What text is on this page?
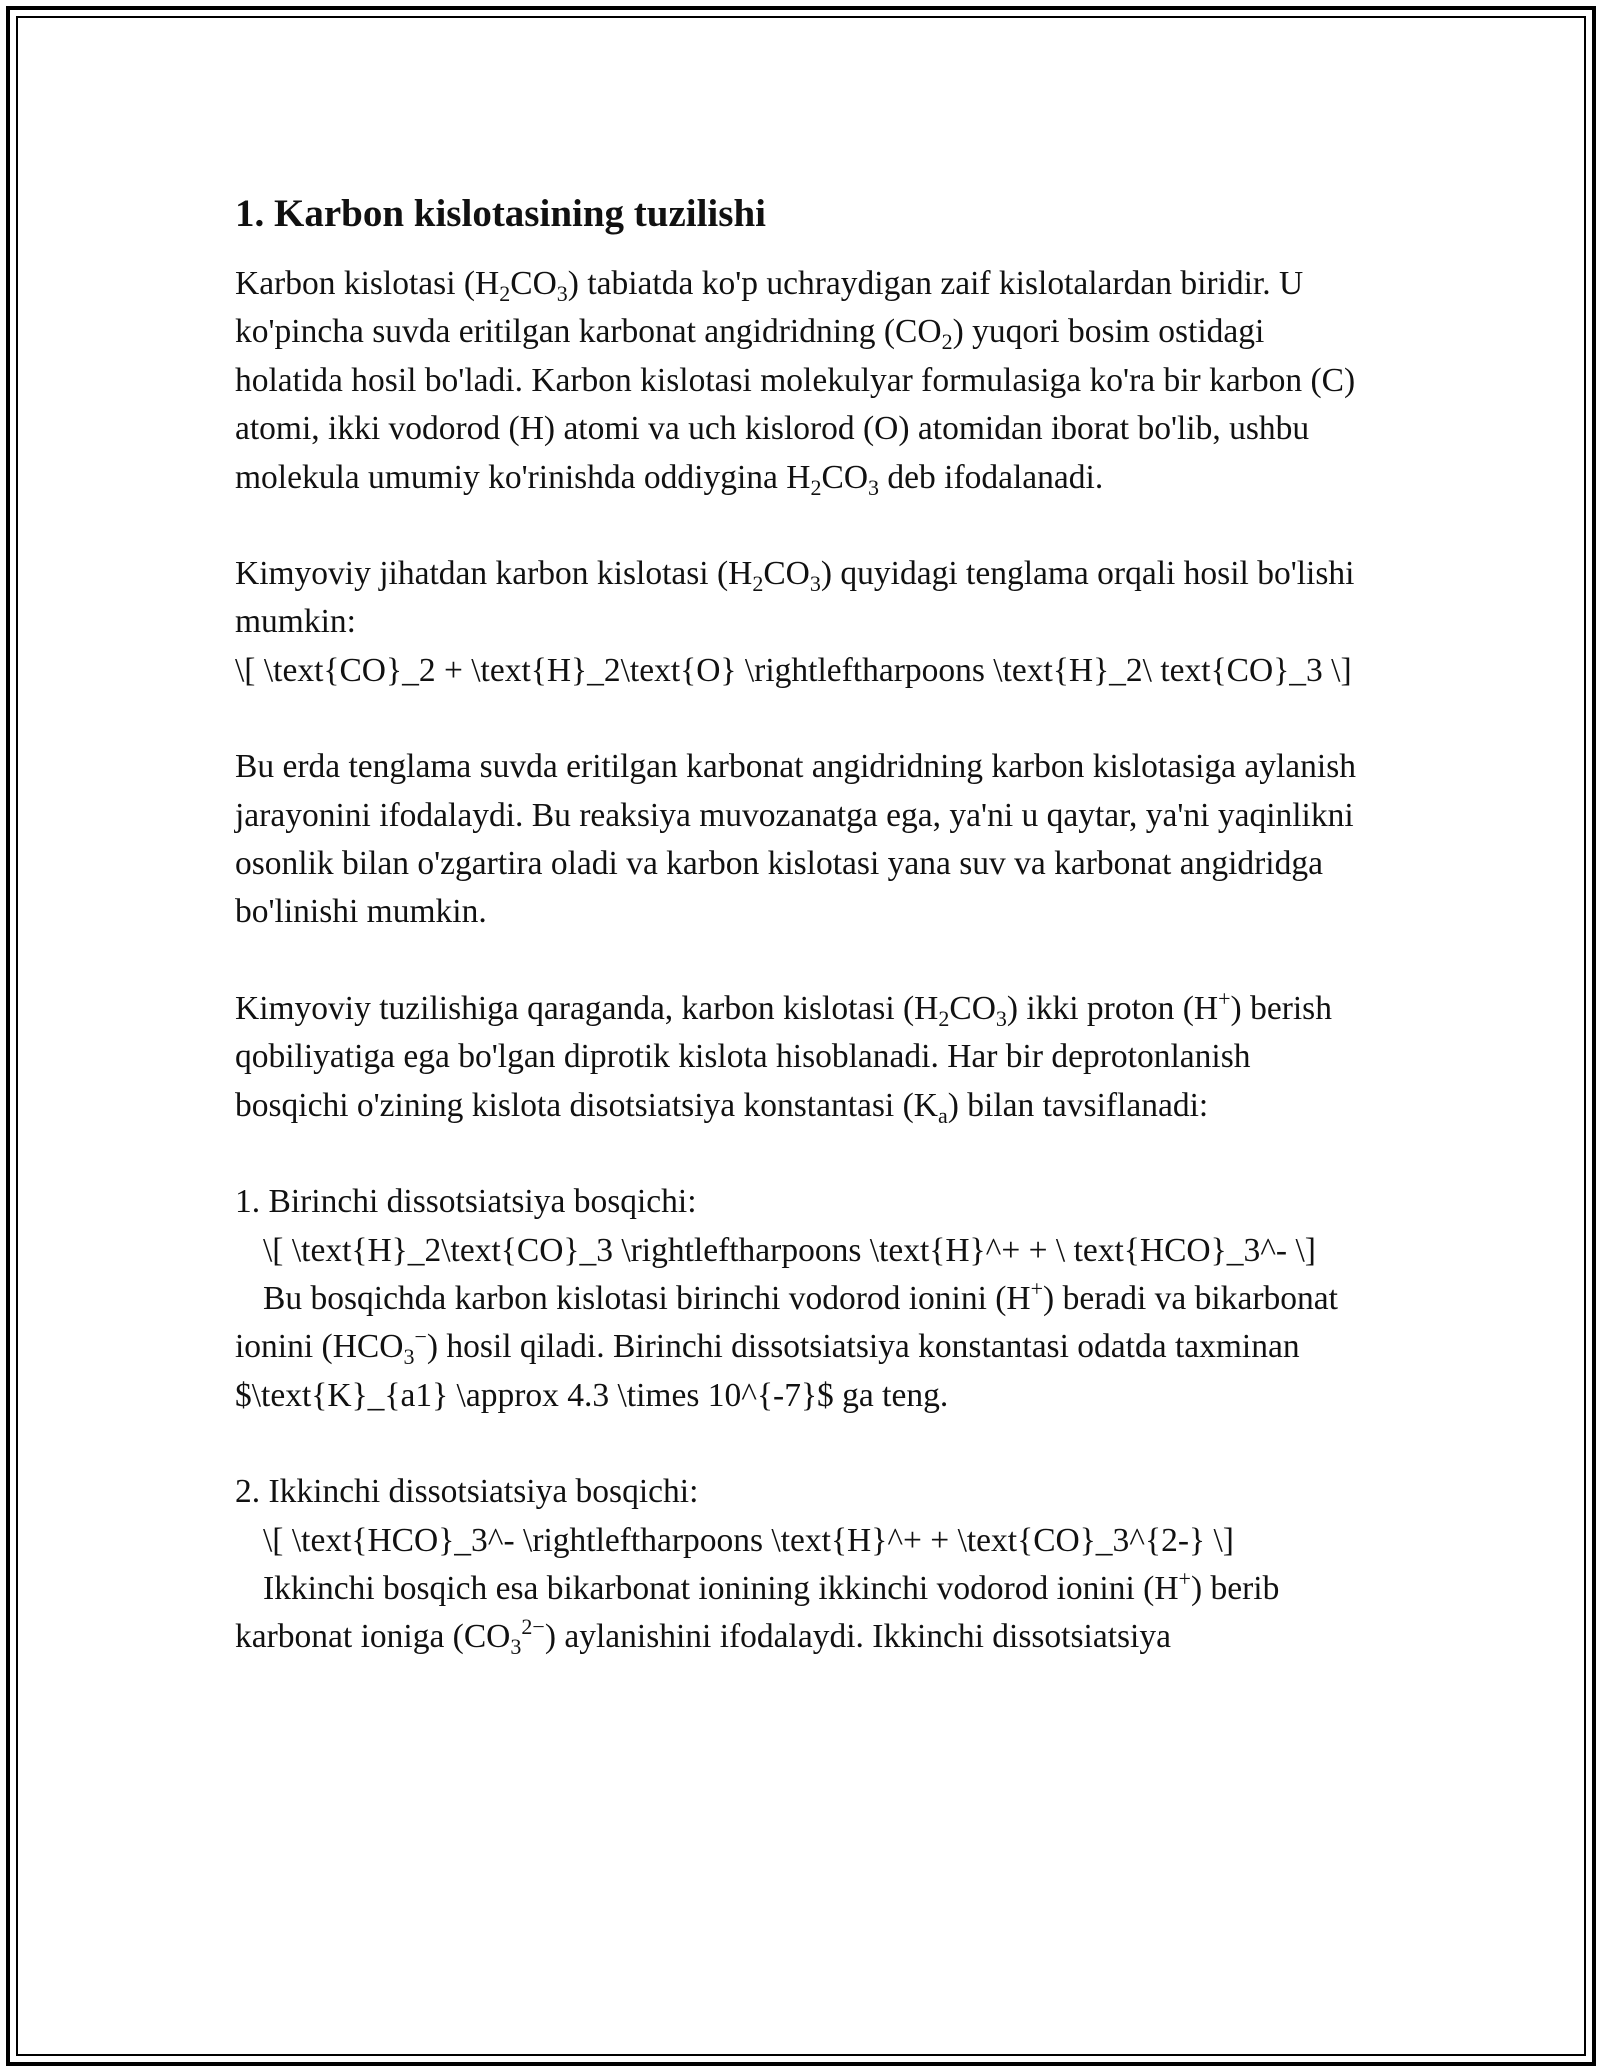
1. Karbon kislotasining tuzilishi

Karbon kislotasi $(H_2CO_3)$ tabiatda ko'p uchraydigan zaif kislotalardan biridir. U ko'pincha suvda eritilgan karbonat angidridning $(CO_2)$ yuqori bosim ostidagi holatida hosil bo'ladi. Karbon kislotasi molekulyar formulasiga ko'ra bir karbon (C) atomi, ikki vodorod (H) atomi va uch kislorod (O) atomidan iborat bo'lib, ushbu molekula umumiy ko'rinishda oddiygina $H_2CO_3$ deb ifodalanadi.

Kimyoviy jihatdan karbon kislotasi $(H_2CO_3)$ quyidagi tenglama orqali hosil bo'lishi mumkin:

\[ \text{CO}_2 + \text{H}_2\text{O} \rightleftharpoons \text{H}_2\ text{CO}_3 \]

Bu erda tenglama suvda eritilgan karbonat angidridning karbon kislotasiga aylanish jarayonini ifodalaydi. Bu reaksiya muvozanatga ega, ya'ni u qaytar, ya'ni yaqinlikni osonlik bilan o'zgartira oladi va karbon kislotasi yana suv va karbonat angidridga bo'linishi mumkin.

Kimyoviy tuzilishiga qaraganda, karbon kislotasi $(H_2CO_3)$ ikki proton (H+) berish qobiliyatiga ega bo'lgan diprotik kislota hisoblanadi. Har bir deprotonlanish bosqichi o'zining kislota disotsiatsiya konstantasi $(K_a)$ bilan tavsiflanadi:

1. Birinchi dissotsiatsiya bosqichi:

\[ \text{H}_2\text{CO}_3 \rightleftharpoons \text{H}^+ + \ text{HCO}_3^- \]

Bu bosqichda karbon kislotasi birinchi vodorod ionini (H+) beradi va bikarbonat ionini $(HCO_3^-)$ hosil qiladi. Birinchi dissotsiatsiya konstantasi odatda taxminan $\text{K}_{a1} \approx 4.3 \times 10^{-7}$ ga teng.

2. Ikkinchi dissotsiatsiya bosqichi:

\[ \text{HCO}_3^- \rightleftharpoons \text{H}^+ + \text{CO}_3^{2-} \]

Ikkinchi bosqich esa bikarbonat ionining ikkinchi vodorod ionini (H+) berib karbonat ioniga $(CO_3^{2-})$ aylanishini ifodalaydi. Ikkinchi dissotsiatsiya
